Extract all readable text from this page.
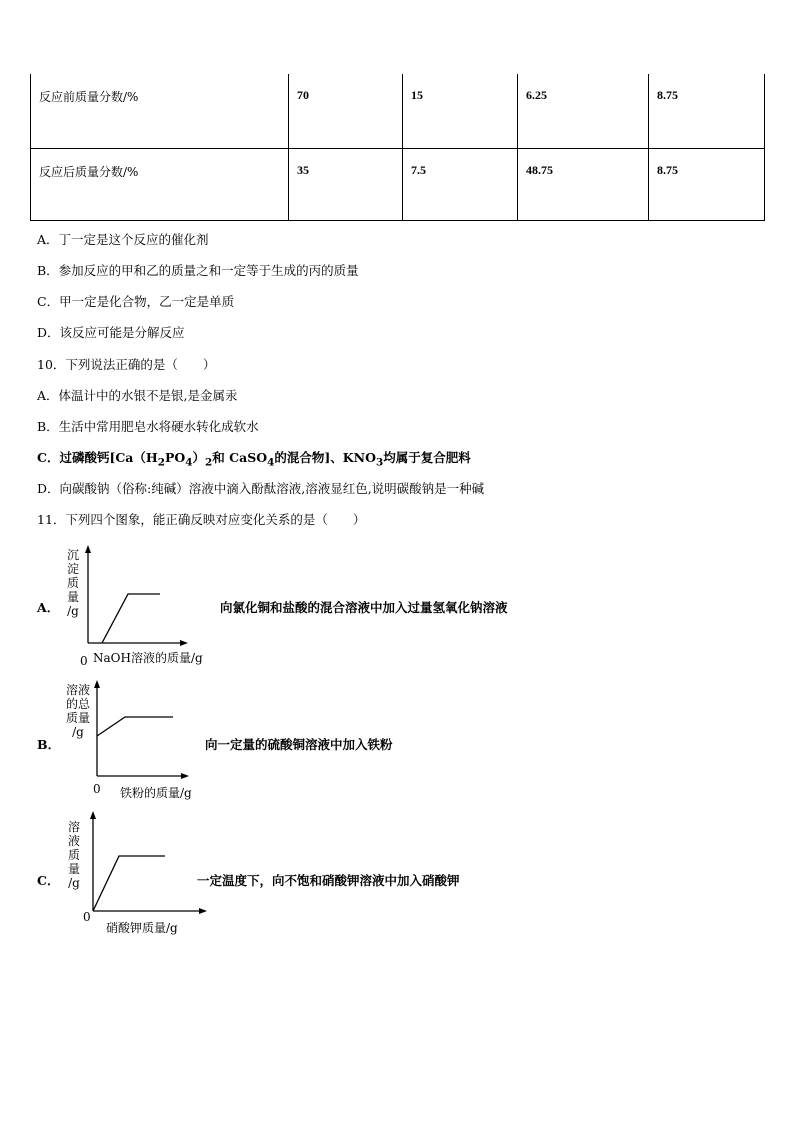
反应前质量分数/%	70	15	6.25	8.75
反应后质量分数/%	35	7.5	48.75	8.75
A．丁一定是这个反应的催化剂
B．参加反应的甲和乙的质量之和一定等于生成的丙的质量
C．甲一定是化合物，乙一定是单质
D．该反应可能是分解反应
10．下列说法正确的是（　　）
A．体温计中的水银不是银,是金属汞
B．生活中常用肥皂水将硬水转化成软水
C．过磷酸钙[$Ca(H_2PO_4)_2$和 CaSO$_4$的混合物]、$KNO_3$均属于复合肥料
D．向碳酸钠（俗称:纯碱）溶液中滴入酚酞溶液,溶液显红色,说明碳酸钠是一种碱
11．下列四个图象，能正确反映对应变化关系的是（　　）
A．
沉
淀
质
量
/g
0 NaOH溶液的质量/g
向氯化铜和盐酸的混合溶液中加入过量氢氧化钠溶液
B．
溶液
的总
质量
/g
0 铁粉的质量/g
向一定量的硫酸铜溶液中加入铁粉
C．
溶
液
质
量
/g
0
硝酸钾质量/g
一定温度下，向不饱和硝酸钾溶液中加入硝酸钾
